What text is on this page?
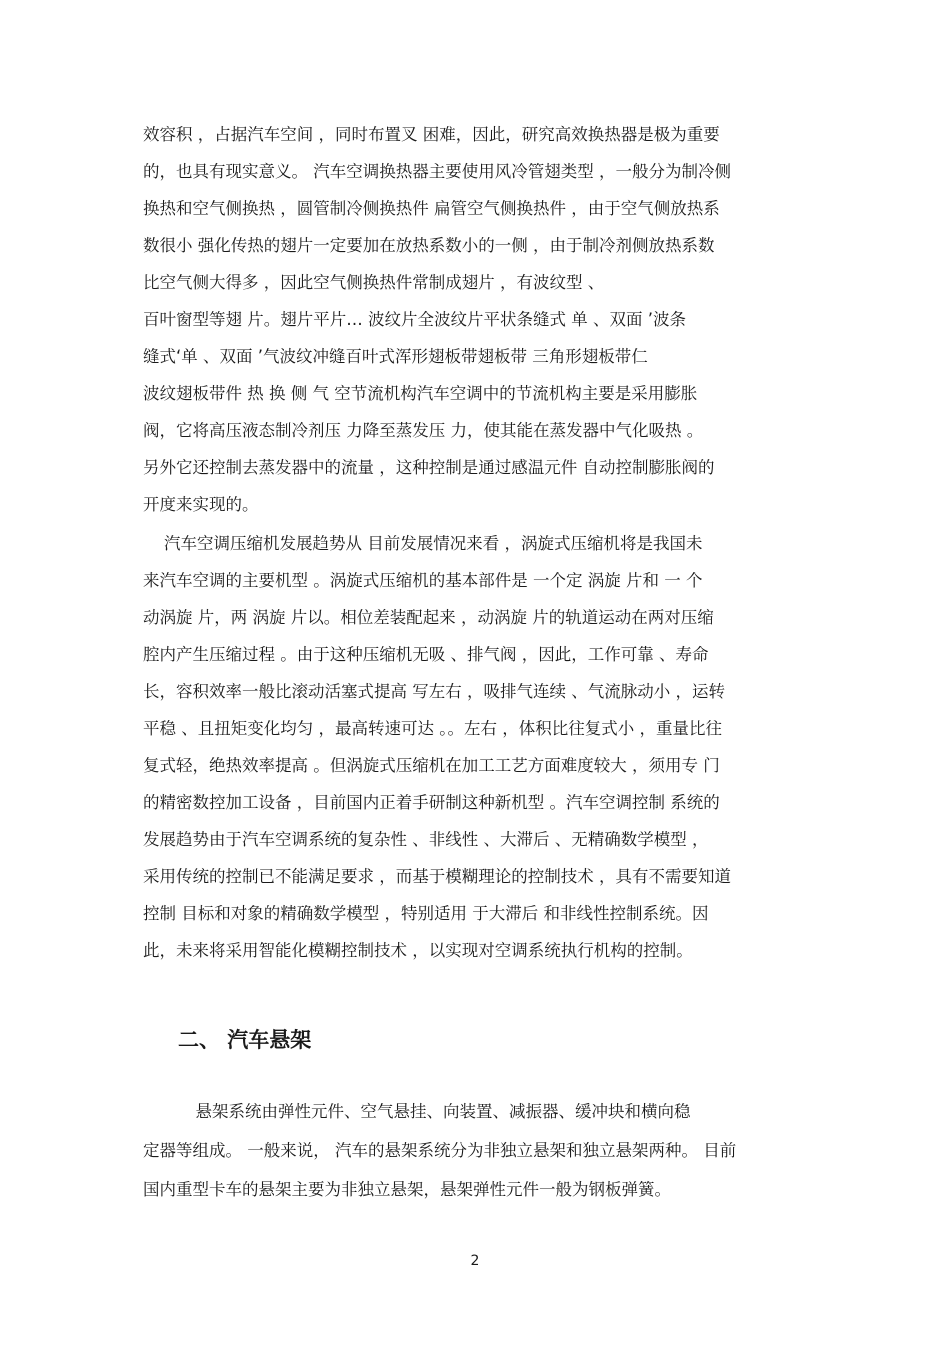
效容积 ，占据汽车空间 ，同时布置叉 困难，因此，研究高效换热器是极为重要

的，也具有现实意义。 汽车空调换热器主要使用风冷管翅类型 ，一般分为制冷侧

换热和空气侧换热 ，圆管制冷侧换热件 扁管空气侧换热件 ，由于空气侧放热系

数很小 强化传热的翅片一定要加在放热系数小的一侧 ，由于制冷剂侧放热系数

比空气侧大得多 ，因此空气侧换热件常制成翅片 ，有波纹型 、

百叶窗型等翅 片。翅片平片… 波纹片全波纹片平状条缝式 单 、双面 ’波条

缝式‘单 、双面 ’气波纹冲缝百叶式浑形翅板带翅板带 三角形翅板带仁

波纹翅板带件 热 换 侧 气 空节流机构汽车空调中的节流机构主要是采用膨胀

阀，它将高压液态制冷剂压 力降至蒸发压 力，使其能在蒸发器中气化吸热 。

另外它还控制去蒸发器中的流量 ，这种控制是通过感温元件 自动控制膨胀阀的

开度来实现的。

汽车空调压缩机发展趋势从 目前发展情况来看 ，涡旋式压缩机将是我国未

来汽车空调的主要机型 。涡旋式压缩机的基本部件是 一个定 涡旋 片和 一 个

动涡旋 片，两 涡旋 片以。相位差装配起来 ，动涡旋 片的轨道运动在两对压缩

腔内产生压缩过程 。由于这种压缩机无吸 、排气阀 ，因此，工作可靠 、寿命

长，容积效率一般比滚动活塞式提高 写左右 ，吸排气连续 、气流脉动小 ，运转

平稳 、且扭矩变化均匀 ，最高转速可达 。。左右 ，体积比往复式小 ，重量比往

复式轻，绝热效率提高 。但涡旋式压缩机在加工工艺方面难度较大 ，须用专 门

的精密数控加工设备 ，目前国内正着手研制这种新机型 。汽车空调控制 系统的

发展趋势由于汽车空调系统的复杂性 、非线性 、大滞后 、无精确数学模型 ，

采用传统的控制已不能满足要求 ，而基于模糊理论的控制技术 ，具有不需要知道

控制 目标和对象的精确数学模型 ，特别适用 于大滞后 和非线性控制系统。因

此，未来将采用智能化模糊控制技术 ，以实现对空调系统执行机构的控制。

二、 汽车悬架

悬架系统由弹性元件、空气悬挂、向装置、减振器、缓冲块和横向稳

定器等组成。 一般来说， 汽车的悬架系统分为非独立悬架和独立悬架两种。 目前

国内重型卡车的悬架主要为非独立悬架，悬架弹性元件一般为钢板弹簧。

2
